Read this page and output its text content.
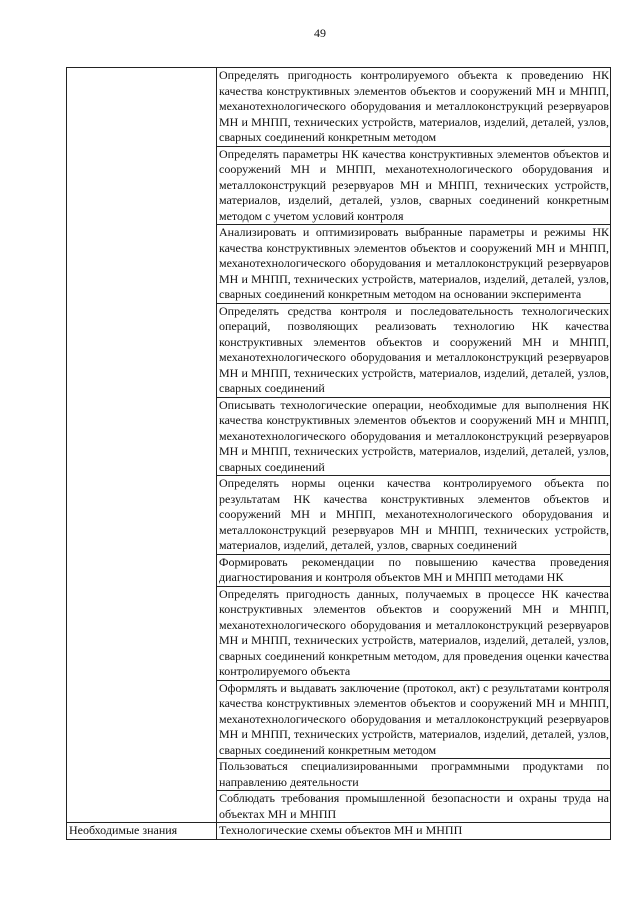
49
	Определять пригодность контролируемого объекта к проведению НК качества конструктивных элементов объектов и сооружений МН и МНПП, механотехнологического оборудования и металлоконструкций резервуаров МН и МНПП, технических устройств, материалов, изделий, деталей, узлов, сварных соединений конкретным методом
	Определять параметры НК качества конструктивных элементов объектов и сооружений МН и МНПП, механотехнологического оборудования и металлоконструкций резервуаров МН и МНПП, технических устройств, материалов, изделий, деталей, узлов, сварных соединений конкретным методом с учетом условий контроля
	Анализировать и оптимизировать выбранные параметры и режимы НК качества конструктивных элементов объектов и сооружений МН и МНПП, механотехнологического оборудования и металлоконструкций резервуаров МН и МНПП, технических устройств, материалов, изделий, деталей, узлов, сварных соединений конкретным методом на основании эксперимента
	Определять средства контроля и последовательность технологических операций, позволяющих реализовать технологию НК качества конструктивных элементов объектов и сооружений МН и МНПП, механотехнологического оборудования и металлоконструкций резервуаров МН и МНПП, технических устройств, материалов, изделий, деталей, узлов, сварных соединений
	Описывать технологические операции, необходимые для выполнения НК качества конструктивных элементов объектов и сооружений МН и МНПП, механотехнологического оборудования и металлоконструкций резервуаров МН и МНПП, технических устройств, материалов, изделий, деталей, узлов, сварных соединений
	Определять нормы оценки качества контролируемого объекта по результатам НК качества конструктивных элементов объектов и сооружений МН и МНПП, механотехнологического оборудования и металлоконструкций резервуаров МН и МНПП, технических устройств, материалов, изделий, деталей, узлов, сварных соединений
	Формировать рекомендации по повышению качества проведения диагностирования и контроля объектов МН и МНПП методами НК
	Определять пригодность данных, получаемых в процессе НК качества конструктивных элементов объектов и сооружений МН и МНПП, механотехнологического оборудования и металлоконструкций резервуаров МН и МНПП, технических устройств, материалов, изделий, деталей, узлов, сварных соединений конкретным методом, для проведения оценки качества контролируемого объекта
	Оформлять и выдавать заключение (протокол, акт) с результатами контроля качества конструктивных элементов объектов и сооружений МН и МНПП, механотехнологического оборудования и металлоконструкций резервуаров МН и МНПП, технических устройств, материалов, изделий, деталей, узлов, сварных соединений конкретным методом
	Пользоваться специализированными программными продуктами по направлению деятельности
	Соблюдать требования промышленной безопасности и охраны труда на объектах МН и МНПП
Необходимые знания	Технологические схемы объектов МН и МНПП
